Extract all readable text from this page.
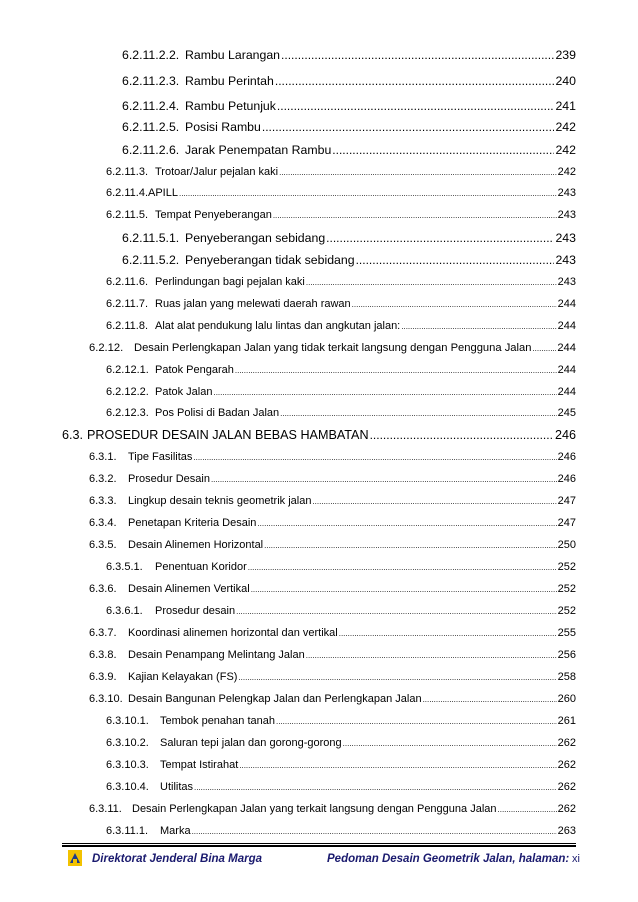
6.2.11.2.2. Rambu Larangan .....	239
6.2.11.2.3. Rambu Perintah .....	240
6.2.11.2.4. Rambu Petunjuk .....	241
6.2.11.2.5. Posisi Rambu .....	242
6.2.11.2.6. Jarak Penempatan Rambu .....	242
6.2.11.3. Trotoar/Jalur pejalan kaki .....	242
6.2.11.4. APILL .....	243
6.2.11.5. Tempat Penyeberangan .....	243
6.2.11.5.1. Penyeberangan sebidang .....	243
6.2.11.5.2. Penyeberangan tidak sebidang .....	243
6.2.11.6. Perlindungan bagi pejalan kaki .....	243
6.2.11.7. Ruas jalan yang melewati daerah rawan .....	244
6.2.11.8. Alat alat pendukung lalu lintas dan angkutan jalan: .....	244
6.2.12. Desain Perlengkapan Jalan yang tidak terkait langsung dengan Pengguna Jalan ..... 244
6.2.12.1. Patok Pengarah .....	244
6.2.12.2. Patok Jalan .....	244
6.2.12.3. Pos Polisi di Badan Jalan .....	245
6.3. PROSEDUR DESAIN JALAN BEBAS HAMBATAN .....	246
6.3.1.	Tipe Fasilitas .....	246
6.3.2.	Prosedur Desain .....	246
6.3.3.	Lingkup desain teknis geometrik jalan .....	247
6.3.4.	Penetapan Kriteria Desain .....	247
6.3.5.	Desain Alinemen Horizontal .....	250
6.3.5.1.	Penentuan Koridor .....	252
6.3.6.	Desain Alinemen Vertikal .....	252
6.3.6.1.	Prosedur desain .....	252
6.3.7.	Koordinasi alinemen horizontal dan vertikal .....	255
6.3.8.	Desain Penampang Melintang Jalan .....	256
6.3.9.	Kajian Kelayakan (FS) .....	258
6.3.10. Desain Bangunan Pelengkap Jalan dan Perlengkapan Jalan .....	260
6.3.10.1.	Tembok penahan tanah .....	261
6.3.10.2.	Saluran tepi jalan dan gorong-gorong .....	262
6.3.10.3.	Tempat Istirahat .....	262
6.3.10.4.	Utilitas .....	262
6.3.11. Desain Perlengkapan Jalan yang terkait langsung dengan Pengguna Jalan .....	262
6.3.11.1.	Marka .....	263
Direktorat Jenderal Bina Marga	Pedoman Desain Geometrik Jalan, halaman: xi
